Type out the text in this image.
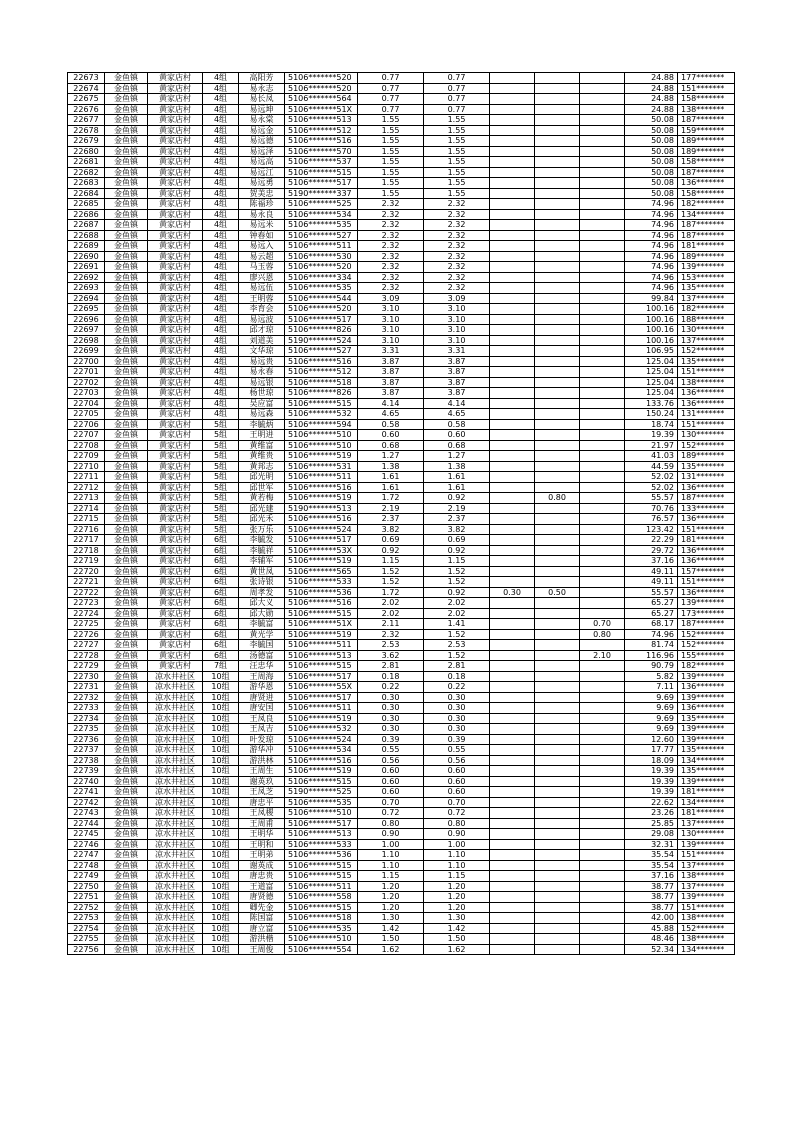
22673	金鱼镇	黄家店村	4组	高阳芳	5106*******520	0.77	0.77				24.88	177*******
22674	金鱼镇	黄家店村	4组	易永志	5106*******520	0.77	0.77				24.88	151*******
22675	金鱼镇	黄家店村	4组	易长凤	5106*******564	0.77	0.77				24.88	158*******
22676	金鱼镇	黄家店村	4组	易远坤	5106*******51X	0.77	0.77				24.88	138*******
22677	金鱼镇	黄家店村	4组	易永棠	5106*******513	1.55	1.55				50.08	187*******
22678	金鱼镇	黄家店村	4组	易远金	5106*******512	1.55	1.55				50.08	159*******
22679	金鱼镇	黄家店村	4组	易远德	5106*******516	1.55	1.55				50.08	189*******
22680	金鱼镇	黄家店村	4组	易远泽	5106*******570	1.55	1.55				50.08	189*******
22681	金鱼镇	黄家店村	4组	易远高	5106*******537	1.55	1.55				50.08	158*******
22682	金鱼镇	黄家店村	4组	易远江	5106*******515	1.55	1.55				50.08	187*******
22683	金鱼镇	黄家店村	4组	易远勇	5106*******517	1.55	1.55				50.08	136*******
22684	金鱼镇	黄家店村	4组	贺美忠	5190*******337	1.55	1.55				50.08	158*******
22685	金鱼镇	黄家店村	4组	陈福珍	5106*******525	2.32	2.32				74.96	182*******
22686	金鱼镇	黄家店村	4组	易永良	5106*******534	2.32	2.32				74.96	134*******
22687	金鱼镇	黄家店村	4组	易远米	5106*******535	2.32	2.32				74.96	187*******
22688	金鱼镇	黄家店村	4组	钟春如	5106*******527	2.32	2.32				74.96	187*******
22689	金鱼镇	黄家店村	4组	易远入	5106*******511	2.32	2.32				74.96	181*******
22690	金鱼镇	黄家店村	4组	易云超	5106*******530	2.32	2.32				74.96	189*******
22691	金鱼镇	黄家店村	4组	马玉蓉	5106*******520	2.32	2.32				74.96	139*******
22692	金鱼镇	黄家店村	4组	廖兴恩	5106*******334	2.32	2.32				74.96	153*******
22693	金鱼镇	黄家店村	4组	易远伍	5106*******535	2.32	2.32				74.96	135*******
22694	金鱼镇	黄家店村	4组	王明蓉	5106*******544	3.09	3.09				99.84	137*******
22695	金鱼镇	黄家店村	4组	李育会	5106*******520	3.10	3.10				100.16	182*******
22696	金鱼镇	黄家店村	4组	易远波	5106*******517	3.10	3.10				100.16	188*******
22697	金鱼镇	黄家店村	4组	邱才琼	5106*******826	3.10	3.10				100.16	130*******
22698	金鱼镇	黄家店村	4组	刘道美	5190*******524	3.10	3.10				100.16	137*******
22699	金鱼镇	黄家店村	4组	文华琼	5106*******527	3.31	3.31				106.95	152*******
22700	金鱼镇	黄家店村	4组	易远贵	5106*******516	3.87	3.87				125.04	135*******
22701	金鱼镇	黄家店村	4组	易永春	5106*******512	3.87	3.87				125.04	151*******
22702	金鱼镇	黄家店村	4组	易远银	5106*******518	3.87	3.87				125.04	138*******
22703	金鱼镇	黄家店村	4组	杨世琼	5106*******826	3.87	3.87				125.04	136*******
22704	金鱼镇	黄家店村	4组	吴应富	5106*******515	4.14	4.14				133.76	136*******
22705	金鱼镇	黄家店村	4组	易远森	5106*******532	4.65	4.65				150.24	131*******
22706	金鱼镇	黄家店村	5组	李毓炳	5106*******594	0.58	0.58				18.74	151*******
22707	金鱼镇	黄家店村	5组	王明进	5106*******510	0.60	0.60				19.39	130*******
22708	金鱼镇	黄家店村	5组	黄维富	5106*******510	0.68	0.68				21.97	152*******
22709	金鱼镇	黄家店村	5组	黄维贵	5106*******519	1.27	1.27				41.03	189*******
22710	金鱼镇	黄家店村	5组	黄邦志	5106*******531	1.38	1.38				44.59	135*******
22711	金鱼镇	黄家店村	5组	邱光明	5106*******511	1.61	1.61				52.02	131*******
22712	金鱼镇	黄家店村	5组	邱世军	5106*******516	1.61	1.61				52.02	136*******
22713	金鱼镇	黄家店村	5组	黄若梅	5106*******519	1.72	0.92		0.80		55.57	187*******
22714	金鱼镇	黄家店村	5组	邱光建	5190*******513	2.19	2.19				70.76	133*******
22715	金鱼镇	黄家店村	5组	邱光禾	5106*******516	2.37	2.37				76.57	136*******
22716	金鱼镇	黄家店村	5组	张万乐	5106*******524	3.82	3.82				123.42	151*******
22717	金鱼镇	黄家店村	6组	李毓发	5106*******517	0.69	0.69				22.29	181*******
22718	金鱼镇	黄家店村	6组	李毓祥	5106*******53X	0.92	0.92				29.72	136*******
22719	金鱼镇	黄家店村	6组	李辅军	5106*******519	1.15	1.15				37.16	136*******
22720	金鱼镇	黄家店村	6组	黄世凤	5106*******565	1.52	1.52				49.11	157*******
22721	金鱼镇	黄家店村	6组	张诗银	5106*******533	1.52	1.52				49.11	151*******
22722	金鱼镇	黄家店村	6组	周孝发	5106*******536	1.72	0.92	0.30	0.50		55.57	136*******
22723	金鱼镇	黄家店村	6组	邱大义	5106*******516	2.02	2.02				65.27	139*******
22724	金鱼镇	黄家店村	6组	邱大勋	5106*******515	2.02	2.02				65.27	173*******
22725	金鱼镇	黄家店村	6组	李毓富	5106*******51X	2.11	1.41			0.70	68.17	187*******
22726	金鱼镇	黄家店村	6组	黄光学	5106*******519	2.32	1.52			0.80	74.96	152*******
22727	金鱼镇	黄家店村	6组	李毓国	5106*******511	2.53	2.53				81.74	152*******
22728	金鱼镇	黄家店村	6组	汤德富	5106*******513	3.62	1.52			2.10	116.96	155*******
22729	金鱼镇	黄家店村	7组	汪忠华	5106*******515	2.81	2.81				90.79	182*******
22730	金鱼镇	凉水井社区	10组	王周海	5106*******517	0.18	0.18				5.82	139*******
22731	金鱼镇	凉水井社区	10组	游华恩	5106*******55X	0.22	0.22				7.11	136*******
22732	金鱼镇	凉水井社区	10组	唐贤进	5106*******517	0.30	0.30				9.69	139*******
22733	金鱼镇	凉水井社区	10组	唐安国	5106*******511	0.30	0.30				9.69	136*******
22734	金鱼镇	凉水井社区	10组	王凤良	5106*******519	0.30	0.30				9.69	135*******
22735	金鱼镇	凉水井社区	10组	王凤吉	5106*******532	0.30	0.30				9.69	139*******
22736	金鱼镇	凉水井社区	10组	叶发琼	5106*******524	0.39	0.39				12.60	139*******
22737	金鱼镇	凉水井社区	10组	游华冲	5106*******534	0.55	0.55				17.77	135*******
22738	金鱼镇	凉水井社区	10组	游洪林	5106*******516	0.56	0.56				18.09	134*******
22739	金鱼镇	凉水井社区	10组	王周生	5106*******519	0.60	0.60				19.39	135*******
22740	金鱼镇	凉水井社区	10组	谢英玖	5106*******515	0.60	0.60				19.39	139*******
22741	金鱼镇	凉水井社区	10组	王凤芝	5190*******525	0.60	0.60				19.39	181*******
22742	金鱼镇	凉水井社区	10组	唐忠平	5106*******535	0.70	0.70				22.62	134*******
22743	金鱼镇	凉水井社区	10组	王凤稷	5106*******510	0.72	0.72				23.26	181*******
22744	金鱼镇	凉水井社区	10组	王周甫	5106*******517	0.80	0.80				25.85	137*******
22745	金鱼镇	凉水井社区	10组	王明华	5106*******513	0.90	0.90				29.08	130*******
22746	金鱼镇	凉水井社区	10组	王明和	5106*******533	1.00	1.00				32.31	139*******
22747	金鱼镇	凉水井社区	10组	王明弟	5106*******536	1.10	1.10				35.54	151*******
22748	金鱼镇	凉水井社区	10组	谢英成	5106*******515	1.10	1.10				35.54	137*******
22749	金鱼镇	凉水井社区	10组	唐忠贵	5106*******515	1.15	1.15				37.16	138*******
22750	金鱼镇	凉水井社区	10组	王道富	5106*******511	1.20	1.20				38.77	137*******
22751	金鱼镇	凉水井社区	10组	唐贤德	5106*******558	1.20	1.20				38.77	139*******
22752	金鱼镇	凉水井社区	10组	卿先金	5106*******515	1.20	1.20				38.77	151*******
22753	金鱼镇	凉水井社区	10组	陈国富	5106*******518	1.30	1.30				42.00	138*******
22754	金鱼镇	凉水井社区	10组	唐立富	5106*******535	1.42	1.42				45.88	152*******
22755	金鱼镇	凉水井社区	10组	游洪楷	5106*******510	1.50	1.50				48.46	138*******
22756	金鱼镇	凉水井社区	10组	王周俊	5106*******554	1.62	1.62				52.34	134*******
